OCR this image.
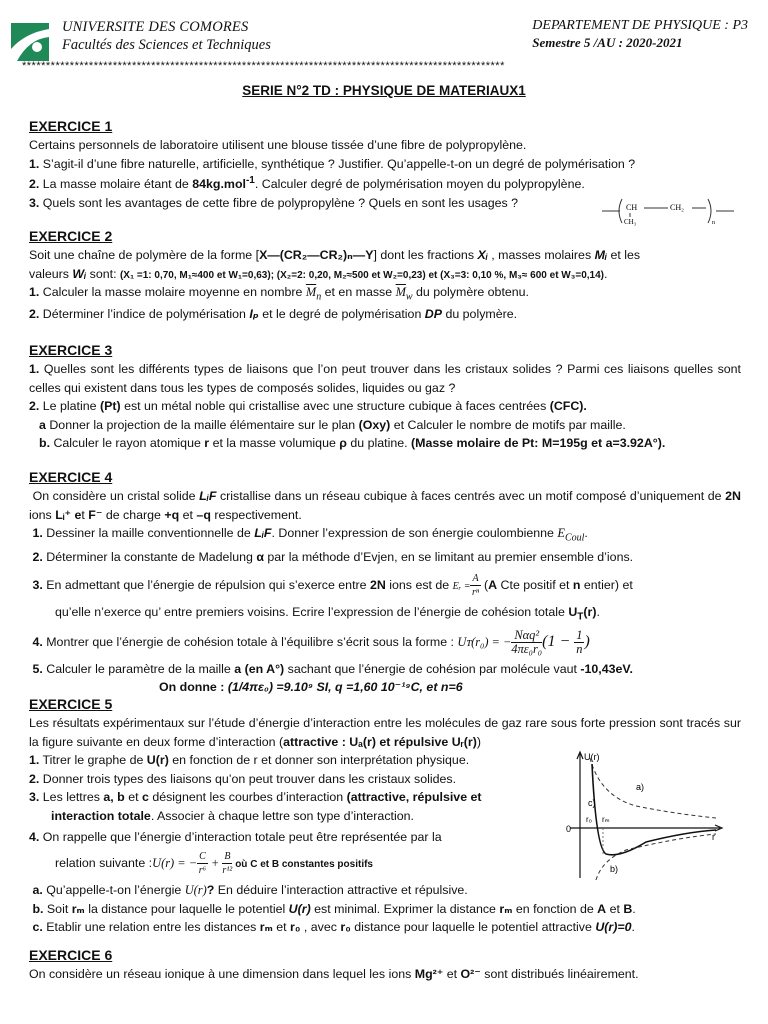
UNIVERSITE DES COMORES
Facultés des Sciences et Techniques
DEPARTEMENT DE PHYSIQUE : P3
Semestre 5 /AU : 2020-2021
*****************************************************************************************************
SERIE N°2 TD : PHYSIQUE DE MATERIAUX1
EXERCICE 1

Certains personnels de laboratoire utilisent une blouse tissée d’une fibre de polypropylène.

1. S’agit-il d’une fibre naturelle, artificielle, synthétique ? Justifier. Qu’appelle-t-on un degré de polymérisation ?

2. La masse molaire étant de 84kg.mol$^{-1}$. Calculer degré de polymérisation moyen du polypropylène.

3. Quels sont les avantages de cette fibre de polypropylène ? Quels en sont les usages ?	CH
CH₃
CH₂
n
EXERCICE 2

Soit une chaîne de polymère de la forme [X—(CR₂—CR₂)ₙ—Y] dont les fractions Xᵢ , masses molaires Mᵢ et les
valeurs Wᵢ sont: (X₁ =1: 0,70, M₁≈400 et W₁=0,63); (X₂=2: 0,20, M₂≈500 et W₂=0,23) et (X₃=3: 0,10 %, M₃≈ 600 et W₃=0,14).

1. Calculer la masse molaire moyenne en nombre $\overline{M}_n$ et en masse $\overline{M}_w$ du polymère obtenu.

2. Déterminer l’indice de polymérisation Iₚ et le degré de polymérisation DP du polymère.

EXERCICE 3

1. Quelles sont les différents types de liaisons que l’on peut trouver dans les cristaux solides ? Parmi ces liaisons quelles sont celles qui existent dans tous les types de composés solides, liquides ou gaz ?

2. Le platine (Pt) est un métal noble qui cristallise avec une structure cubique à faces centrées (CFC).

a Donner la projection de la maille élémentaire sur le plan (Oxy) et Calculer le nombre de motifs par maille.

b. Calculer le rayon atomique r et la masse volumique ρ du platine. (Masse molaire de Pt: M=195g et a=3.92A°).

EXERCICE 4

On considère un cristal solide LᵢF cristallise dans un réseau cubique à faces centrés avec un motif composé d’uniquement de 2N ions Lᵢ⁺ et F⁻ de charge +q et –q respectivement.

1. Dessiner la maille conventionnelle de LᵢF. Donner l’expression de son énergie coulombienne $E_{Coul}$.

2. Déterminer la constante de Madelung α par la méthode d’Evjen, en se limitant au premier ensemble d’ions.

3. En admettant que l’énergie de répulsion qui s’exerce entre 2N ions est de Eᵣ = $\frac{A}{\text{rⁿ}} (A$ Cte positif et n entier) et

qu’elle n’exerce qu’ entre premiers voisins. Ecrire l’expression de l’énergie de cohésion totale $U_T(r)$.

4. Montrer que l’énergie de cohésion totale à l’équilibre s’écrit sous la forme : Uᴛ(r₀) = − $\frac{\text{Nαq²}}{\text{4πε₀r₀}} (1 - \frac{1}{n}$ )

5. Calculer le paramètre de la maille a (en A°) sachant que l’énergie de cohésion par molécule vaut -10,43eV.

On donne : (1/4πε₀) =9.10⁹ SI, q =1,60 10⁻¹⁹C, et n=6

EXERCICE 5

Les résultats expérimentaux sur l’étude d’énergie d’interaction entre les molécules de gaz rare sous forte pression sont tracés sur la figure suivante en deux forme d’interaction (attractive : Uₐ(r) et répulsive Uᵣ(r))

1. Titrer le graphe de U(r) en fonction de r et donner son interprétation physique.

2. Donner trois types des liaisons qu’on peut trouver dans les cristaux solides.

3. Les lettres a, b et c désignent les courbes d’interaction (attractive, répulsive et
interaction totale. Associer à chaque lettre son type d’interaction.

4. On rappelle que l’énergie d’interaction totale peut être représentée par la

relation suivante :U(r) = − $\frac{C}{\text{r⁶}} + \frac{B}{\text{r¹²}}$ où C et B constantes positifs

a. Qu’appelle-t-on l’énergie U(r)? En déduire l’interaction attractive et répulsive.

b. Soit rₘ la distance pour laquelle le potentiel U(r) est minimal. Exprimer la distance rₘ en fonction de A et B.

c. Etablir une relation entre les distances rₘ et r₀ , avec r₀ distance pour laquelle le potentiel attractive U(r)=0.

U(r)
0
r
a)
c)
b)
r₀ rₘ
EXERCICE 6

On considère un réseau ionique à une dimension dans lequel les ions Mg²⁺ et O²⁻ sont distribués linéairement.
